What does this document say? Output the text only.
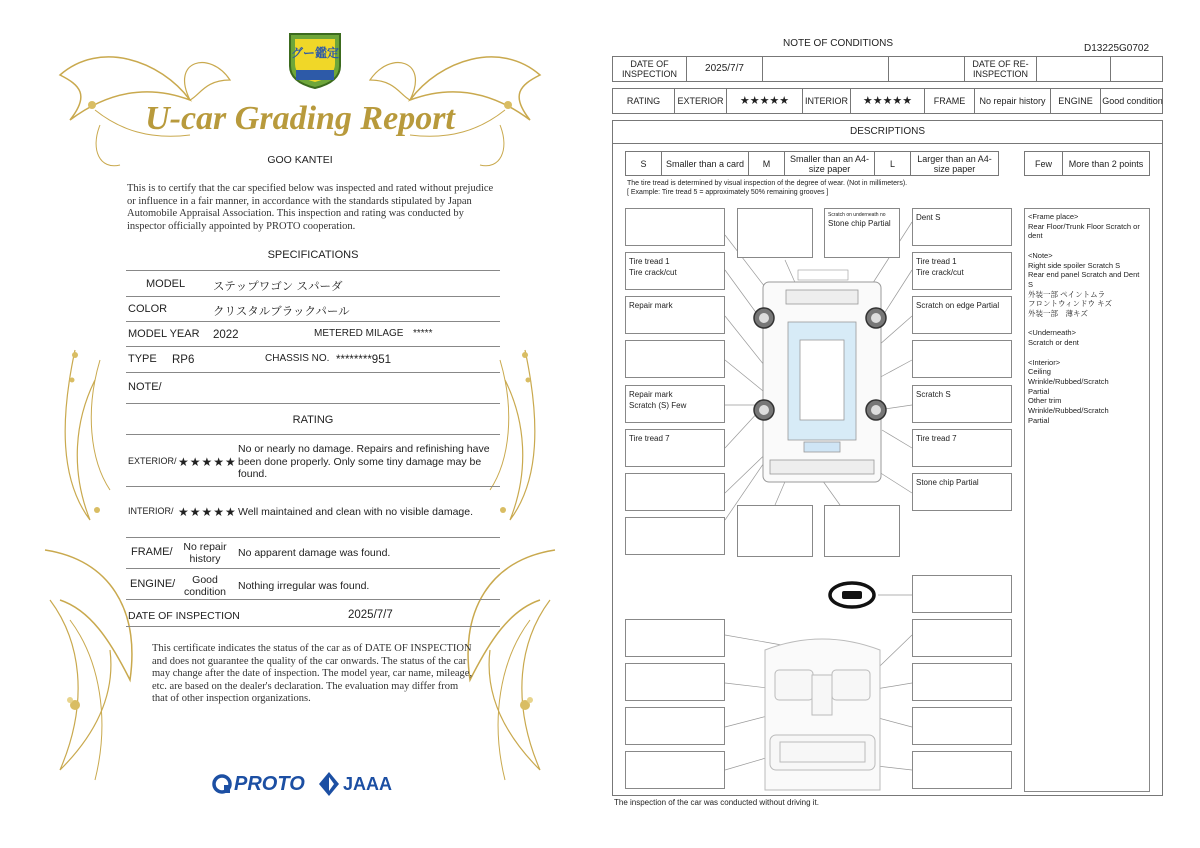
グー鑑定
U-car Grading Report
GOO KANTEI
This is to certify that the car specified below was inspected and rated without prejudice or influence in a fair manner, in accordance with the standards stipulated by Japan Automobile Appraisal Association. This inspection and rating was conducted by inspector officially appointed by PROTO cooperation.
SPECIFICATIONS
MODEL ステップワゴン スパーダ
COLOR	クリスタルブラックパール
MODEL YEAR 2022	METERED MILAGE *****
TYPE RP6	CHASSIS NO. ********951
NOTE/
RATING
EXTERIOR/ ★★★★★
No or nearly no damage. Repairs and refinishing have been done properly. Only some tiny damage may be found.
INTERIOR/ ★★★★★ Well maintained and clean with no visible damage.
FRAME/	No repair history	No apparent damage was found.
ENGINE/	Good condition	Nothing irregular was found.
DATE OF INSPECTION	2025/7/7
This certificate indicates the status of the car as of DATE OF INSPECTION and does not guarantee the quality of the car onwards. The status of the car may change after the date of inspection. The model year, car name, mileage, etc. are based on the dealer's declaration. The evaluation may differ from that of other inspection organizations.
PROTO JAAA
NOTE OF CONDITIONS	D13225G0702
DATE OF INSPECTION	2025/7/7	DATE OF RE-INSPECTION
RATING	EXTERIOR	★★★★★	INTERIOR	★★★★★	FRAME	No repair history	ENGINE	Good condition
DESCRIPTIONS
S	Smaller than a card	M	Smaller than an A4-size paper	L	Larger than an A4-size paper	Few	More than 2 points
The tire tread is determined by visual inspection of the degree of wear. (Not in millimeters).
[ Example: Tire tread 5 = approximately 50% remaining grooves ]
Tire tread 1
Tire crack/cut
Repair mark
Repair mark
Scratch (S) Few
Tire tread 7
Scratch on underneath no
Stone chip Partial
Dent S
Tire tread 1
Tire crack/cut
Scratch on edge Partial
Scratch S
Tire tread 7
Stone chip Partial
<Frame place>
Rear Floor/Trunk Floor Scratch or dent

<Note>
Right side spoiler Scratch S
Rear end panel Scratch and Dent S
外装一部 ペイントムラ
フロントウィンドウ キズ
外装一部　薄キズ

<Underneath>
Scratch or dent

<Interior>
Ceiling
Wrinkle/Rubbed/Scratch
Partial
Other trim
Wrinkle/Rubbed/Scratch
Partial
The inspection of the car was conducted without driving it.
